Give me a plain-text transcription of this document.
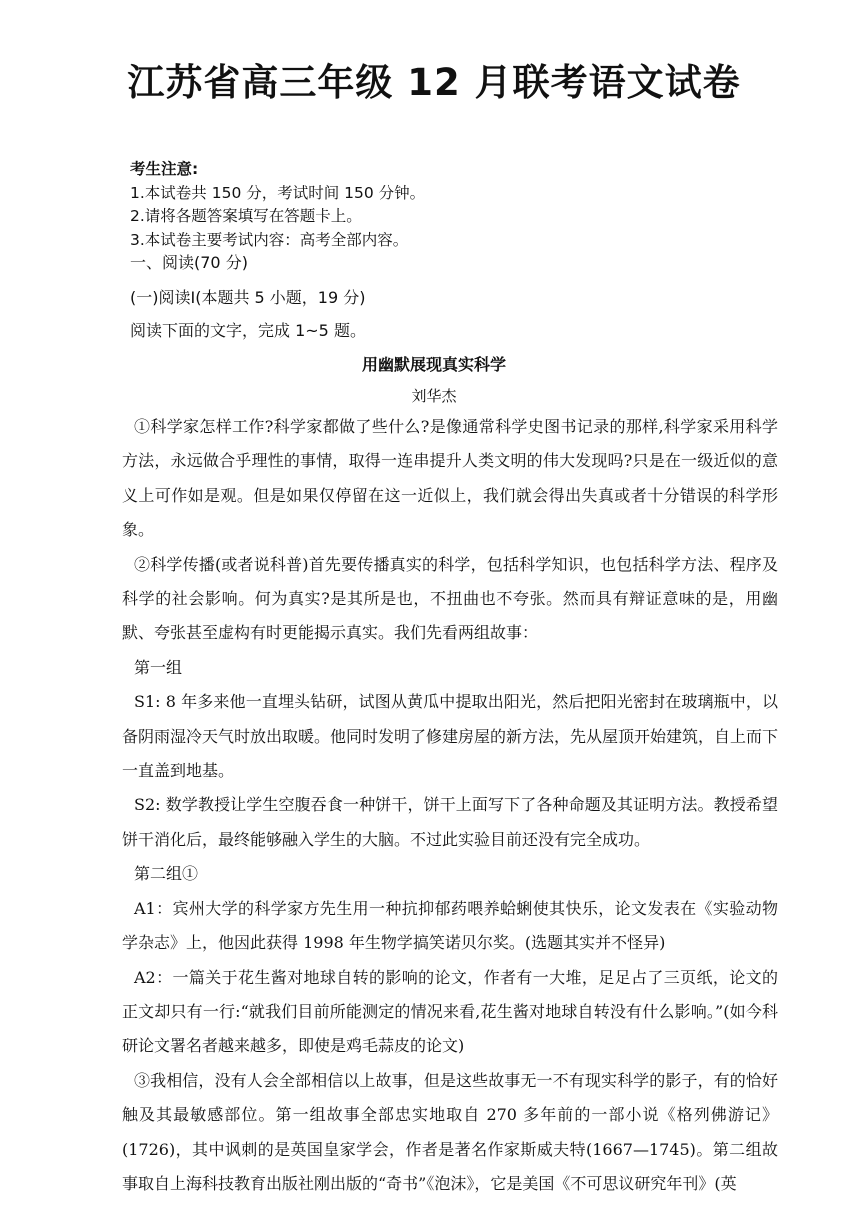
江苏省高三年级 12 月联考语文试卷
考生注意:
1.本试卷共 150 分，考试时间 150 分钟。
2.请将各题答案填写在答题卡上。
3.本试卷主要考试内容：高考全部内容。
一、阅读(70 分)
(一)阅读I(本题共 5 小题，19 分)
阅读下面的文字，完成 1~5 题。
用幽默展现真实科学
刘华杰

①科学家怎样工作?科学家都做了些什么?是像通常科学史图书记录的那样,科学家采用科学方法，永远做合乎理性的事情，取得一连串提升人类文明的伟大发现吗?只是在一级近似的意义上可作如是观。但是如果仅停留在这一近似上，我们就会得出失真或者十分错误的科学形象。

②科学传播(或者说科普)首先要传播真实的科学，包括科学知识，也包括科学方法、程序及科学的社会影响。何为真实?是其所是也，不扭曲也不夸张。然而具有辩证意味的是，用幽默、夸张甚至虚构有时更能揭示真实。我们先看两组故事：

第一组

S1: 8 年多来他一直埋头钻研，试图从黄瓜中提取出阳光，然后把阳光密封在玻璃瓶中，以备阴雨湿冷天气时放出取暖。他同时发明了修建房屋的新方法，先从屋顶开始建筑，自上而下一直盖到地基。

S2: 数学教授让学生空腹吞食一种饼干，饼干上面写下了各种命题及其证明方法。教授希望饼干消化后，最终能够融入学生的大脑。不过此实验目前还没有完全成功。

第二组①

A1：宾州大学的科学家方先生用一种抗抑郁药喂养蛤蜊使其快乐，论文发表在《实验动物学杂志》上，他因此获得 1998 年生物学搞笑诺贝尔奖。(选题其实并不怪异)

A2：一篇关于花生酱对地球自转的影响的论文，作者有一大堆，足足占了三页纸，论文的正文却只有一行:“就我们目前所能测定的情况来看,花生酱对地球自转没有什么影响。”(如今科研论文署名者越来越多，即使是鸡毛蒜皮的论文)

③我相信，没有人会全部相信以上故事，但是这些故事无一不有现实科学的影子，有的恰好触及其最敏感部位。第一组故事全部忠实地取自 270 多年前的一部小说《格列佛游记》(1726)，其中讽刺的是英国皇家学会，作者是著名作家斯威夫特(1667—1745)。第二组故事取自上海科技教育出版社刚出版的“奇书”《泡沫》，它是美国《不可思议研究年刊》(英
